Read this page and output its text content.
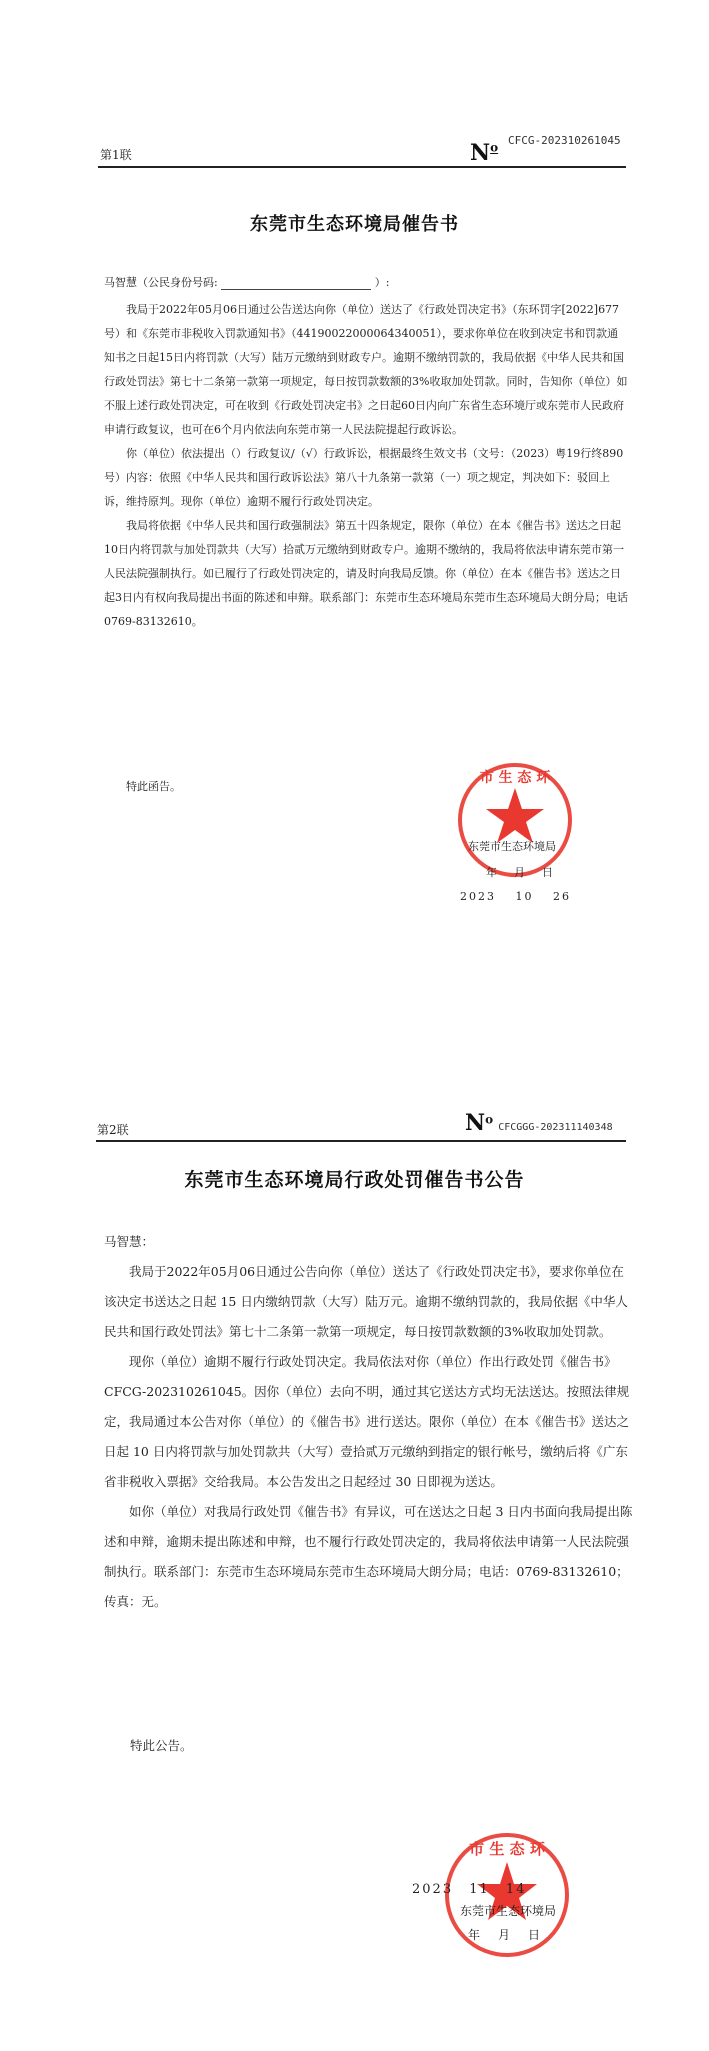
CFCG-202310261045
第1联	$N^o$
东莞市生态环境局催告书
马智慧（公民身份号码:	）:

我局于2022年05月06日通过公告送达向你（单位）送达了《行政处罚决定书》（东环罚字[2022]677号）和《东莞市非税收入罚款通知书》（441900220000643400​51），要求你单位在收到决定书和罚款通知书之日起15日内将罚款（大写）陆万元缴纳到财政专户。逾期不缴纳罚款的，我局依据《中华人民共和国行政处罚法》第七十二条第一款第一项规定，每日按罚款数额的3%收取加处罚款。同时，告知你（单位）如不服上述行政处罚决定，可在收到《行政处罚决定书》之日起60日内向广东省生态环境厅或东莞市人民政府申请行政复议，也可在6个月内依法向东莞市第一人民法院提起行政诉讼。

你（单位）依法提出（）行政复议/（√）行政诉讼，根据最终生效文书（文号：（2023）粤19行终890号）内容：依照《中华人民共和国行政诉讼法》第八十九条第一款第（一）项之规定，判决如下：驳回上诉，维持原判。现你（单位）逾期不履行行政处罚决定。

我局将依据《中华人民共和国行政强制法》第五十四条规定，限你（单位）在本《催告书》送达之日起10日内将罚款与加处罚款共（大写）拾贰万元缴纳到财政专户。逾期不缴纳的，我局将依法申请东莞市第一人民法院强制执行。如已履行了行政处罚决定的，请及时向我局反馈。你（单位）在本《催告书》送达之日起3日内有权向我局提出书面的陈述和申辩。联系部门：东莞市生态环境局东莞市生态环境局大朗分局；电话0769-83132610。

特此函告。
市 生 态 环
东莞市生态环境局
年　月　日
2023 10 26
第2联	$N^o$ CFCGGG-202311140348
东莞市生态环境局行政处罚催告书公告

马智慧：

我局于2022年05月06日通过公告向你（单位）送达了《行政处罚决定书》，要求你单位在该决定书送达之日起 15 日内缴纳罚款（大写）陆万元。逾期不缴纳罚款的，我局依据《中华人民共和国行政处罚法》第七十二条第一款第一项规定，每日按罚款数额的3%收取加处罚款。

现你（单位）逾期不履行行政处罚决定。我局依法对你（单位）作出行政处罚《催告书》CFCG-202310261045。因你（单位）去向不明，通过其它送达方式均无法送达。按照法律规定，我局通过本公告对你（单位）的《催告书》进行送达。限你（单位）在本《催告书》送达之日起 10 日内将罚款与加处罚款共（大写）壹拾贰万元缴纳到指定的银行帐号，缴纳后将《广东省非税收入票据》交给我局。本公告发出之日起经过 30 日即视为送达。

如你（单位）对我局行政处罚《催告书》有异议，可在送达之日起 3 日内书面向我局提出陈述和申辩，逾期未提出陈述和申辩，也不履行行政处罚决定的，我局将依法申请第一人民法院强制执行。联系部门：东莞市生态环境局东莞市生态环境局大朗分局；电话：0769-83132610；传真：无。

特此公告。
市 生 态 环
2023 11 14
东莞市生态环境局
年　月　日
